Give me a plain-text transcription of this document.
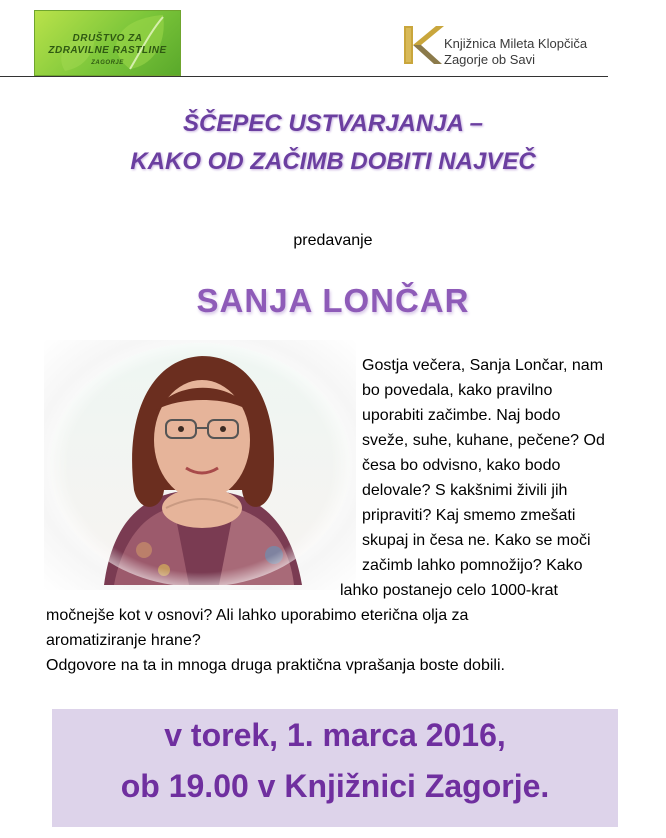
DRUŠTVO ZA
ZDRAVILNE RASTLINE
ZAGORJE
Knjižnica Mileta Klopčiča
Zagorje ob Savi
ŠČEPEC USTVARJANJA –
KAKO OD ZAČIMB DOBITI NAJVEČ
predavanje
SANJA LONČAR
Gostja večera, Sanja Lončar, nam
bo povedala, kako pravilno
uporabiti začimbe. Naj bodo
sveže, suhe, kuhane, pečene? Od
česa bo odvisno, kako bodo
delovale? S kakšnimi živili jih
pripraviti? Kaj smemo zmešati
skupaj in česa ne. Kako se moči
začimb lahko pomnožijo? Kako
lahko postanejo celo 1000-krat
močnejše kot v osnovi? Ali lahko uporabimo eterična olja za
aromatiziranje hrane?
Odgovore na ta in mnoga druga praktična vprašanja boste dobili.
v torek, 1. marca 2016,
ob 19.00 v Knjižnici Zagorje.
